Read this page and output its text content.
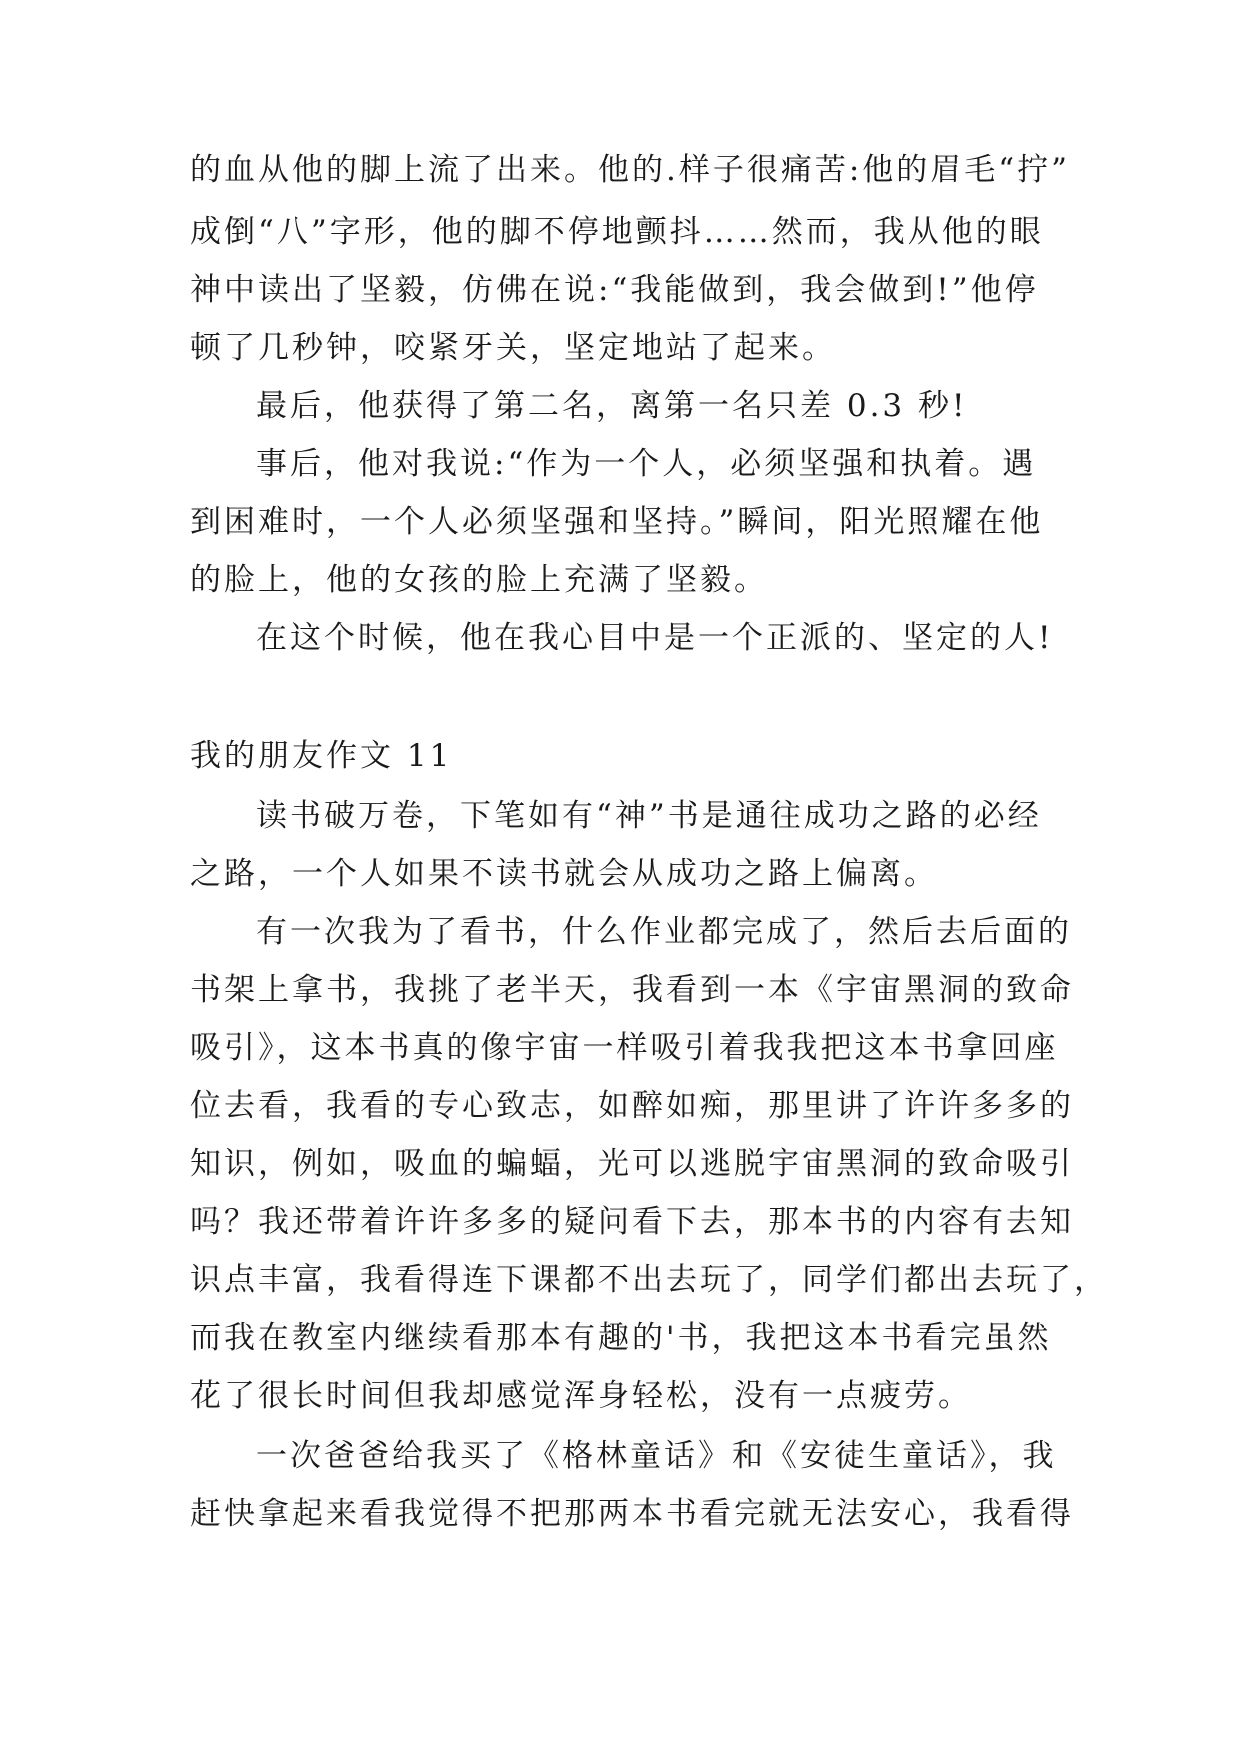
的血从他的脚上流了出来。他的.样子很痛苦:他的眉毛“拧”
成倒“八”字形，他的脚不停地颤抖……然而，我从他的眼
神中读出了坚毅，仿佛在说:“我能做到，我会做到!”他停
顿了几秒钟，咬紧牙关，坚定地站了起来。
最后，他获得了第二名，离第一名只差 0.3 秒!
事后，他对我说:“作为一个人，必须坚强和执着。遇
到困难时，一个人必须坚强和坚持。”瞬间，阳光照耀在他
的脸上，他的女孩的脸上充满了坚毅。
在这个时候，他在我心目中是一个正派的、坚定的人!
我的朋友作文 11
读书破万卷，下笔如有“神”书是通往成功之路的必经
之路，一个人如果不读书就会从成功之路上偏离。
有一次我为了看书，什么作业都完成了，然后去后面的
书架上拿书，我挑了老半天，我看到一本《宇宙黑洞的致命
吸引》，这本书真的像宇宙一样吸引着我我把这本书拿回座
位去看，我看的专心致志，如醉如痴，那里讲了许许多多的
知识，例如，吸血的蝙蝠，光可以逃脱宇宙黑洞的致命吸引
吗？我还带着许许多多的疑问看下去，那本书的内容有去知
识点丰富，我看得连下课都不出去玩了，同学们都出去玩了，
而我在教室内继续看那本有趣的'书，我把这本书看完虽然
花了很长时间但我却感觉浑身轻松，没有一点疲劳。
一次爸爸给我买了《格林童话》和《安徒生童话》，我
赶快拿起来看我觉得不把那两本书看完就无法安心，我看得
